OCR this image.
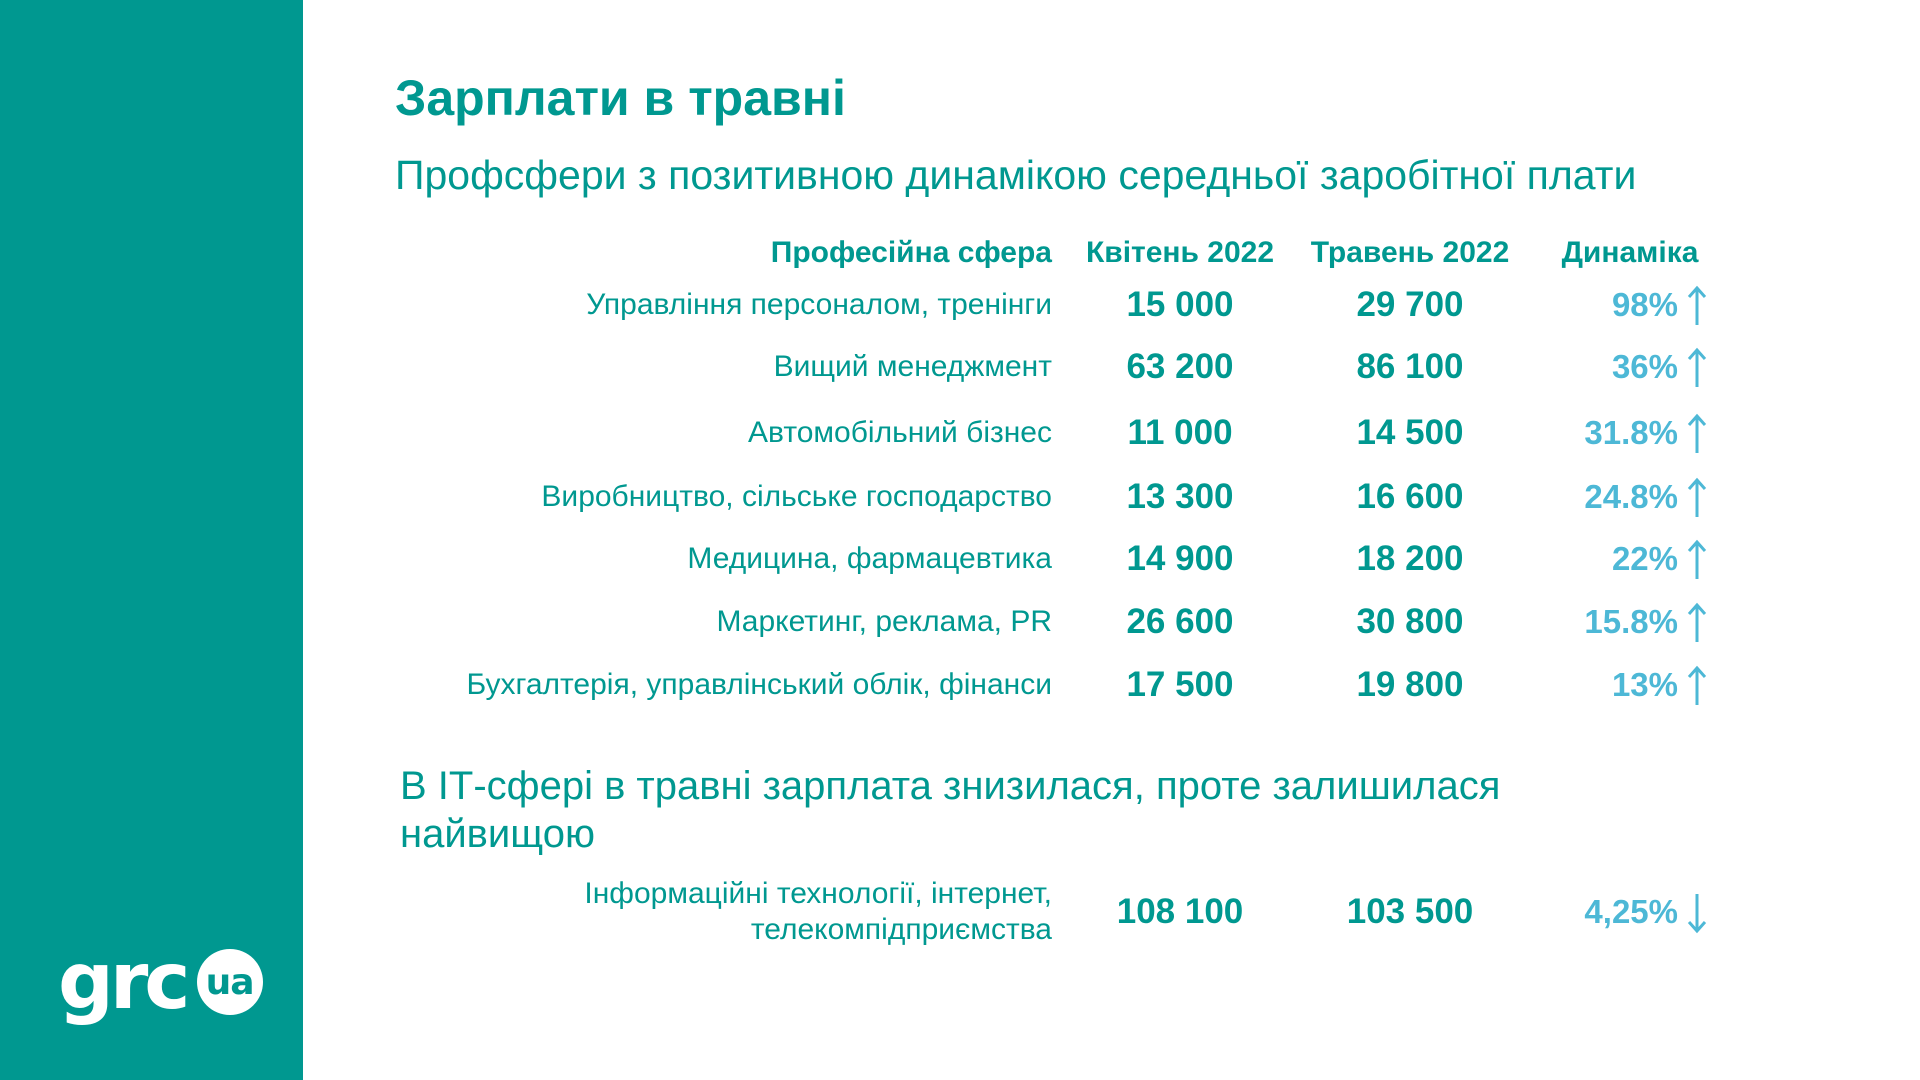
grc ua
Зарплати в травні
Профсфери з позитивною динамікою середньої заробітної плати
Професійна сфера	Квітень 2022	Травень 2022	Динаміка
Управління персоналом, тренінги	15 000	29 700	98%
Вищий менеджмент	63 200	86 100	36%
Автомобільний бізнес	11 000	14 500	31.8%
Виробництво, сільське господарство	13 300	16 600	24.8%
Медицина, фармацевтика	14 900	18 200	22%
Маркетинг, реклама, PR	26 600	30 800	15.8%
Бухгалтерія, управлінський облік, фінанси	17 500	19 800	13%
В ІТ-сфері в травні зарплата знизилася, проте залишилася найвищою
Інформаційні технології, інтернет,
телекомпідприємства	108 100	103 500	4,25%
